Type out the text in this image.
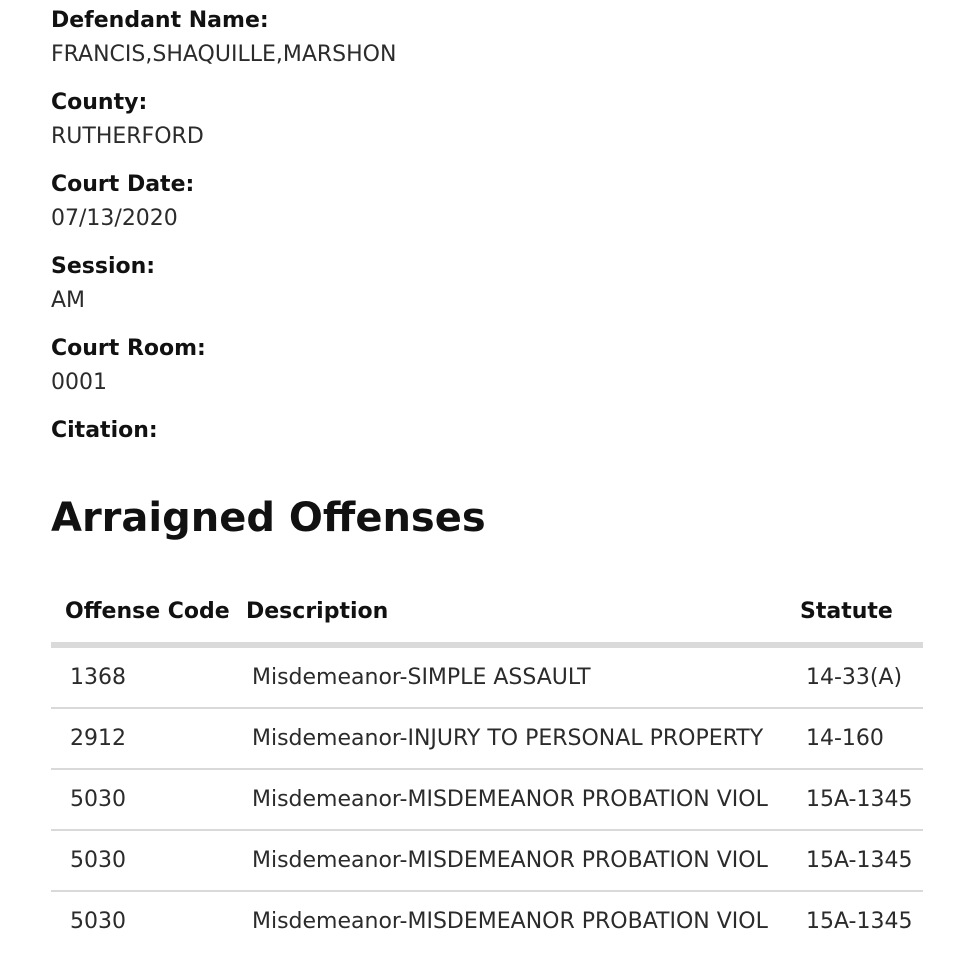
Defendant Name:
FRANCIS,SHAQUILLE,MARSHON
County:
RUTHERFORD
Court Date:
07/13/2020
Session:
AM
Court Room:
0001
Citation:
Arraigned Offenses
Offense Code	Description	Statute
1368	Misdemeanor-SIMPLE ASSAULT	14-33(A)
2912	Misdemeanor-INJURY TO PERSONAL PROPERTY	14-160
5030	Misdemeanor-MISDEMEANOR PROBATION VIOL	15A-1345
5030	Misdemeanor-MISDEMEANOR PROBATION VIOL	15A-1345
5030	Misdemeanor-MISDEMEANOR PROBATION VIOL	15A-1345
